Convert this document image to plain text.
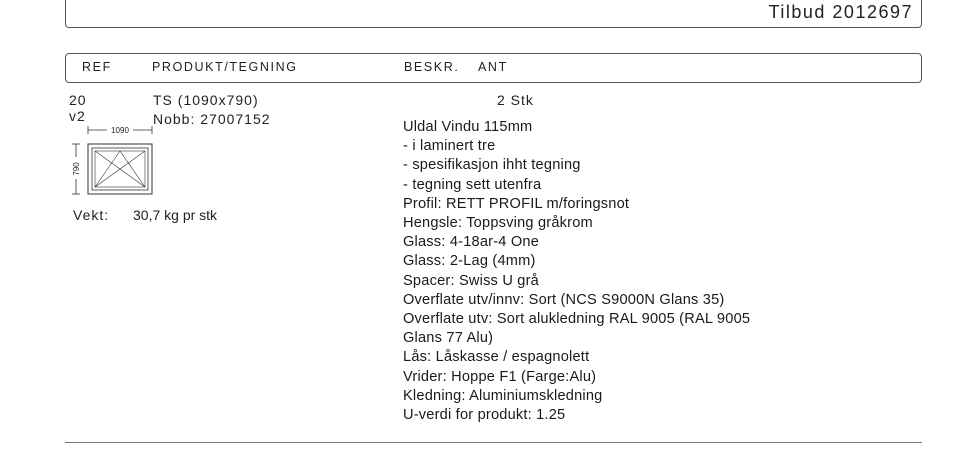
Tilbud 2012697
REF	PRODUKT/TEGNING	BESKR. ANT
20
v2
TS (1090x790)
Nobb: 27007152
2 Stk
1090
790
Vekt: 30,7 kg pr stk
Uldal Vindu 115mm
- i laminert tre
- spesifikasjon ihht tegning
- tegning sett utenfra
Profil: RETT PROFIL m/foringsnot
Hengsle: Toppsving gråkrom
Glass: 4-18ar-4 One
Glass: 2-Lag (4mm)
Spacer: Swiss U grå
Overflate utv/innv: Sort (NCS S9000N Glans 35)
Overflate utv: Sort alukledning RAL 9005 (RAL 9005
Glans 77 Alu)
Lås: Låskasse / espagnolett
Vrider: Hoppe F1 (Farge:Alu)
Kledning: Aluminiumskledning
U-verdi for produkt: 1.25
